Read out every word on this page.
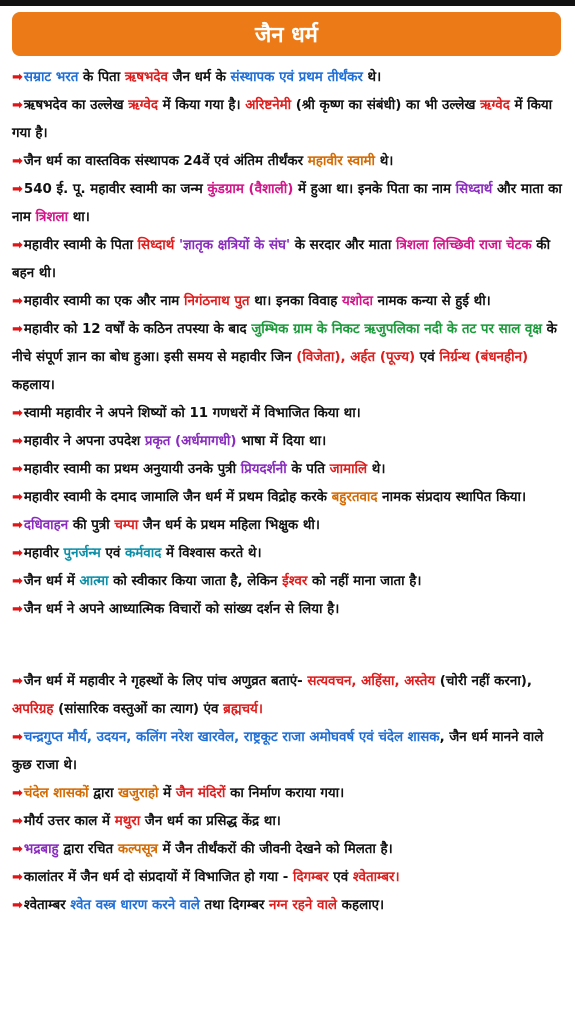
जैन धर्म
➡सम्राट भरत के पिता ऋषभदेव जैन धर्म के संस्थापक एवं प्रथम तीर्थंकर थे।
➡ऋषभदेव का उल्लेख ऋग्वेद में किया गया है। अरिष्टनेमी (श्री कृष्ण का संबंधी) का भी उल्लेख ऋग्वेद में किया गया है।
➡जैन धर्म का वास्तविक संस्थापक 24वें एवं अंतिम तीर्थंकर महावीर स्वामी थे।
➡540 ई. पू. महावीर स्वामी का जन्म कुंडग्राम (वैशाली) में हुआ था। इनके पिता का नाम सिध्दार्थ और माता का नाम त्रिशला था।
➡महावीर स्वामी के पिता सिध्दार्थ 'ज्ञातृक क्षत्रियों के संघ' के सरदार और माता त्रिशला लिच्छिवी राजा चेटक की बहन थी।
➡महावीर स्वामी का एक और नाम निगंठनाथ पुत था। इनका विवाह यशोदा नामक कन्या से हुई थी।
➡महावीर को 12 वर्षों के कठिन तपस्या के बाद जुम्भिक ग्राम के निकट ऋजुपलिका नदी के तट पर साल वृक्ष के नीचे संपूर्ण ज्ञान का बोध हुआ। इसी समय से महावीर जिन (विजेता), अर्हत (पूज्य) एवं निर्ग्रन्थ (बंधनहीन) कहलाय।
➡स्वामी महावीर ने अपने शिष्यों को 11 गणधरों में विभाजित किया था।
➡महावीर ने अपना उपदेश प्रकृत (अर्धमागधी) भाषा में दिया था।
➡महावीर स्वामी का प्रथम अनुयायी उनके पुत्री प्रियदर्शनी के पति जामालि थे।
➡महावीर स्वामी के दमाद जामालि जैन धर्म में प्रथम विद्रोह करके बहुरतवाद नामक संप्रदाय स्थापित किया।
➡दधिवाहन की पुत्री चम्पा जैन धर्म के प्रथम महिला भिक्षुक थी।
➡महावीर पुनर्जन्म एवं कर्मवाद में विश्वास करते थे।
➡जैन धर्म में आत्मा को स्वीकार किया जाता है, लेकिन ईश्वर को नहीं माना जाता है।
➡जैन धर्म ने अपने आध्यात्मिक विचारों को सांख्य दर्शन से लिया है।
➡जैन धर्म में महावीर ने गृहस्थों के लिए पांच अणुव्रत बताएं- सत्यवचन, अहिंसा, अस्तेय (चोरी नहीं करना), अपरिग्रह (सांसारिक वस्तुओं का त्याग) एंव ब्रह्मचर्य।
➡चन्द्रगुप्त मौर्य, उदयन, कलिंग नरेश खारवेल, राष्ट्रकूट राजा अमोघवर्ष एवं चंदेल शासक, जैन धर्म मानने वाले कुछ राजा थे।
➡चंदेल शासकों द्वारा खजुराहो में जैन मंदिरों का निर्माण कराया गया।
➡मौर्य उत्तर काल में मथुरा जैन धर्म का प्रसिद्ध केंद्र था।
➡भद्रबाहु द्वारा रचित कल्पसूत्र में जैन तीर्थंकरों की जीवनी देखने को मिलता है।
➡कालांतर में जैन धर्म दो संप्रदायों में विभाजित हो गया - दिगम्बर एवं श्वेताम्बर।
➡श्वेताम्बर श्वेत वस्त्र धारण करने वाले तथा दिगम्बर नग्न रहने वाले कहलाए।
